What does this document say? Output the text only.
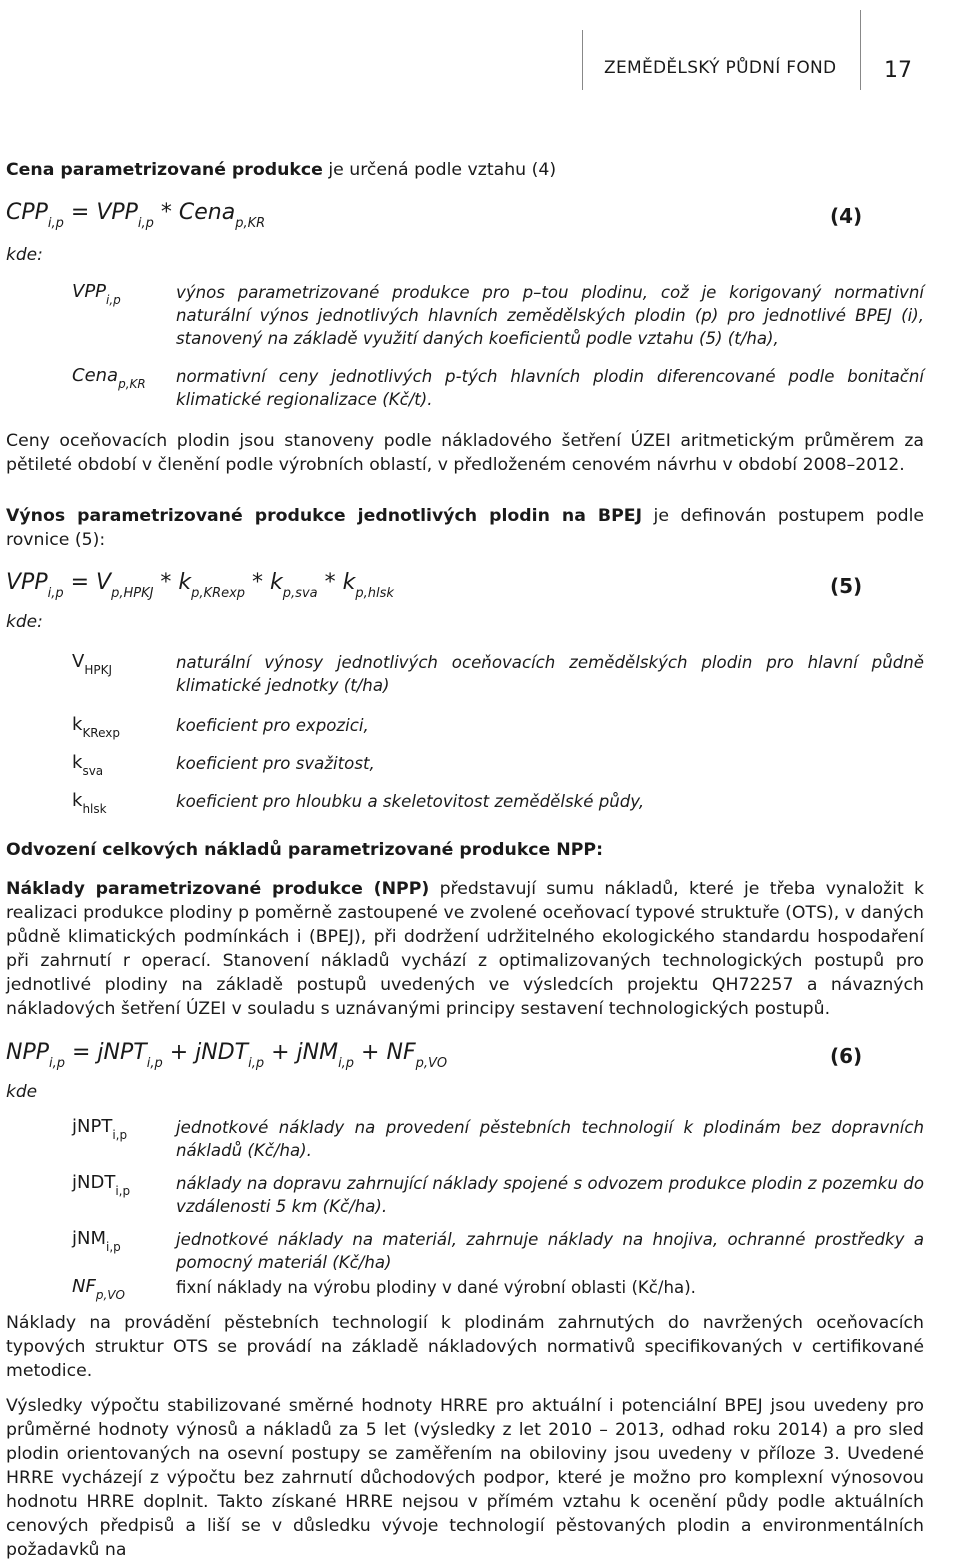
ZEMĚDĚLSKÝ PŮDNÍ FOND 17
Cena parametrizované produkce je určená podle vztahu (4)
$CPP_{i,p} = VPP_{i,p}$ * Cena$_{p,KR}$	(4)
kde:
$VPP_{i,p}$	výnos parametrizované produkce pro p–tou plodinu, což je korigovaný normativní naturální výnos jednotlivých hlavních zemědělských plodin (p) pro jednotlivé BPEJ (i), stanovený na základě využití daných koeficientů podle vztahu (5) (t/ha),
Cena$_{p,KR}$ normativní ceny jednotlivých p-tých hlavních plodin diferencované podle bonitační klimatické regionalizace (Kč/t).
Ceny oceňovacích plodin jsou stanoveny podle nákladového šetření ÚZEI aritmetickým průměrem za pětileté období v členění podle výrobních oblastí, v předloženém cenovém návrhu v období 2008–2012.
Výnos parametrizované produkce jednotlivých plodin na BPEJ je definován postupem podle rovnice (5):
$VPP_{i,p} = V_{p,HPKJ} * k_{p,KRexp} * k_{p,sva} * k_{p,hlsk}$	(5)
kde:
$V_{HPKJ}$	naturální výnosy jednotlivých oceňovacích zemědělských plodin pro hlavní půdně klimatické jednotky (t/ha)
$k_{KRexp}$	koeficient pro expozici,
$k_{sva}$	koeficient pro svažitost,
$k_{hlsk}$	koeficient pro hloubku a skeletovitost zemědělské půdy,
Odvození celkových nákladů parametrizované produkce NPP:
Náklady parametrizované produkce (NPP) představují sumu nákladů, které je třeba vynaložit k realizaci produkce plodiny p poměrně zastoupené ve zvolené oceňovací typové struktuře (OTS), v daných půdně klimatických podmínkách i (BPEJ), při dodržení udržitelného ekologického standardu hospodaření při zahrnutí r operací. Stanovení nákladů vychází z optimalizovaných technologických postupů pro jednotlivé plodiny na základě postupů uvedených ve výsledcích projektu QH72257 a návazných nákladových šetření ÚZEI v souladu s uznávanými principy sestavení technologických postupů.
$NPP_{i,p}$ = jNPT$_{i,p}$ + jNDT$_{i,p}$ + $jNM_{i,p} + NF_{p,VO}$	(6)
kde
jNPT$_{i,p}$	jednotkové náklady na provedení pěstebních technologií k plodinám bez dopravních nákladů (Kč/ha).
jNDT$_{i,p}$	náklady na dopravu zahrnující náklady spojené s odvozem produkce plodin z pozemku do vzdálenosti 5 km (Kč/ha).
jNM$_{i,p}$	jednotkové náklady na materiál, zahrnuje náklady na hnojiva, ochranné prostředky a pomocný materiál (Kč/ha)
$NF_{p,VO}$	fixní náklady na výrobu plodiny v dané výrobní oblasti (Kč/ha).
Náklady na provádění pěstebních technologií k plodinám zahrnutých do navržených oceňovacích typových struktur OTS se provádí na základě nákladových normativů specifikovaných v certifikované metodice.
Výsledky výpočtu stabilizované směrné hodnoty HRRE pro aktuální i potenciální BPEJ jsou uvedeny pro průměrné hodnoty výnosů a nákladů za 5 let (výsledky z let 2010 – 2013, odhad roku 2014) a pro sled plodin orientovaných na osevní postupy se zaměřením na obiloviny jsou uvedeny v příloze 3. Uvedené HRRE vycházejí z výpočtu bez zahrnutí důchodových podpor, které je možno pro komplexní výnosovou hodnotu HRRE doplnit. Takto získané HRRE nejsou v přímém vztahu k ocenění půdy podle aktuálních cenových předpisů a liší se v důsledku vývoje technologií pěstovaných plodin a environmentálních požadavků na
